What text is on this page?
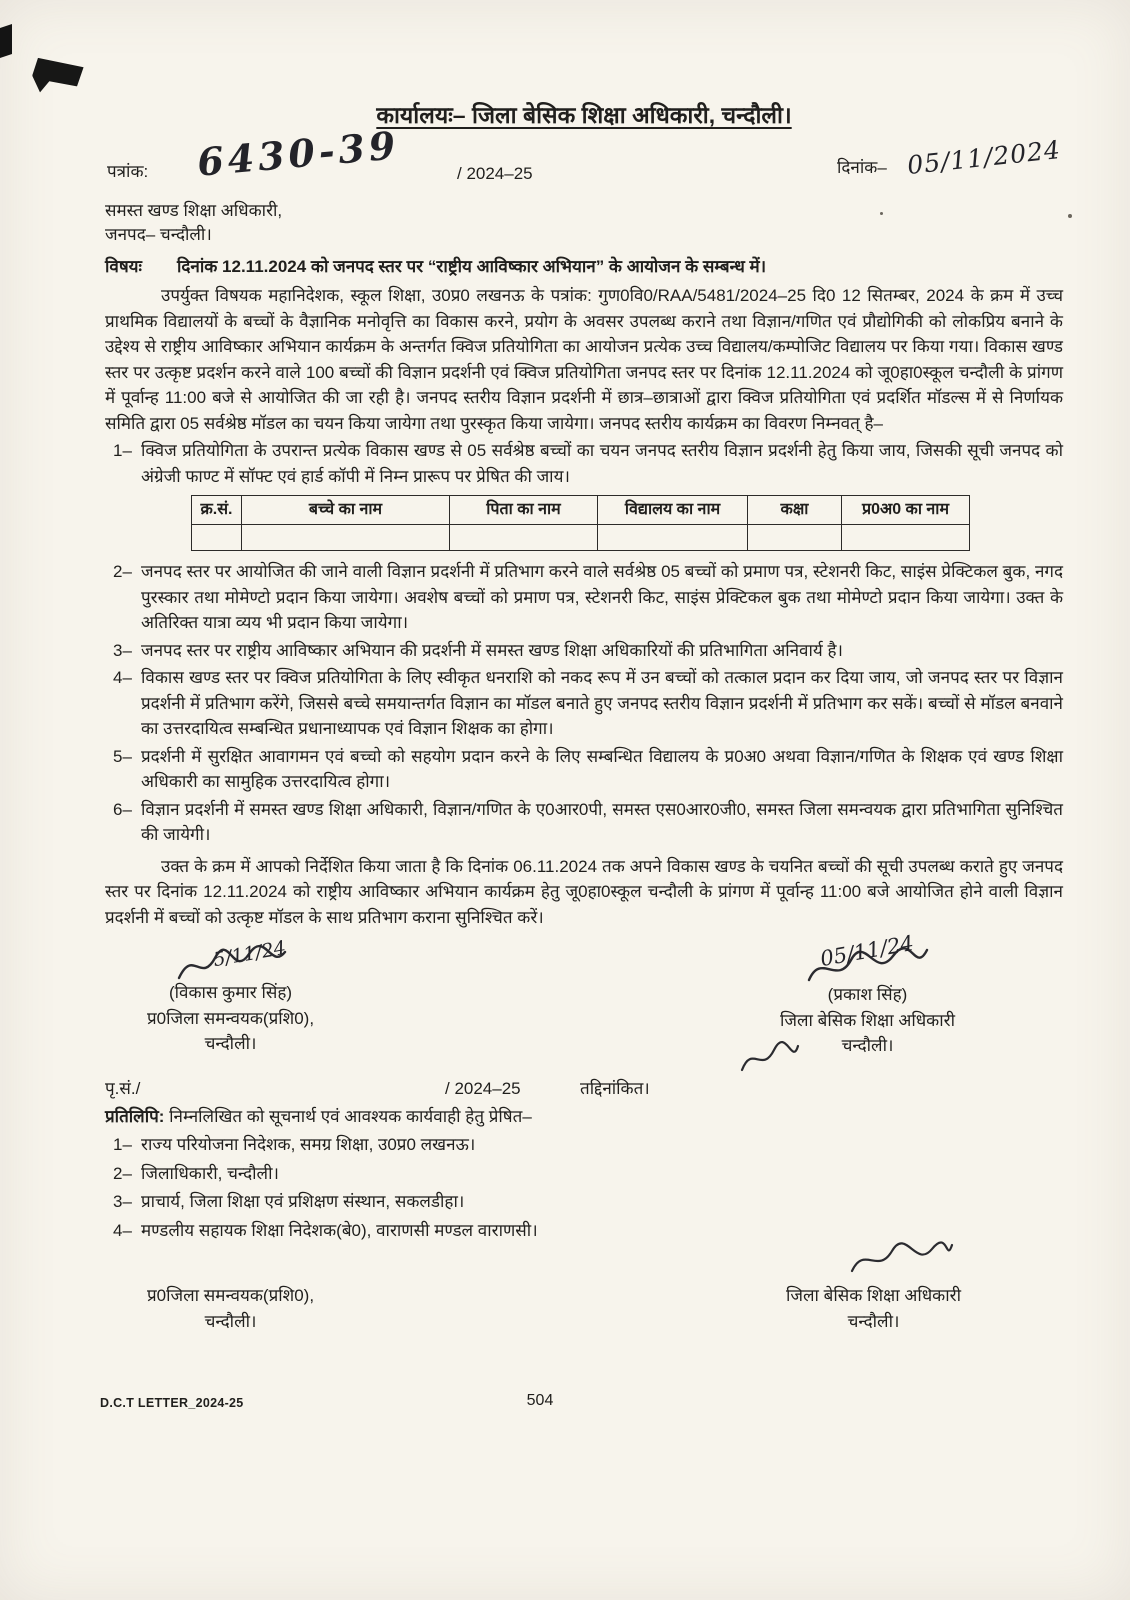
कार्यालयः– जिला बेसिक शिक्षा अधिकारी, चन्दौली।
पत्रांक: 6430-39	/ 2024–25	दिनांक– 05/11/2024
समस्त खण्ड शिक्षा अधिकारी,
जनपद– चन्दौली।
विषयः	दिनांक 12.11.2024 को जनपद स्तर पर “राष्ट्रीय आविष्कार अभियान” के आयोजन के सम्बन्ध में।
उपर्युक्त विषयक महानिदेशक, स्कूल शिक्षा, उ0प्र0 लखनऊ के पत्रांक: गुण0वि0/RAA/5481/2024–25 दि0 12 सितम्बर, 2024 के क्रम में उच्च प्राथमिक विद्यालयों के बच्चों के वैज्ञानिक मनोवृत्ति का विकास करने, प्रयोग के अवसर उपलब्ध कराने तथा विज्ञान/गणित एवं प्रौद्योगिकी को लोकप्रिय बनाने के उद्देश्य से राष्ट्रीय आविष्कार अभियान कार्यक्रम के अन्तर्गत क्विज प्रतियोगिता का आयोजन प्रत्येक उच्च विद्यालय/कम्पोजिट विद्यालय पर किया गया। विकास खण्ड स्तर पर उत्कृष्ट प्रदर्शन करने वाले 100 बच्चों की विज्ञान प्रदर्शनी एवं क्विज प्रतियोगिता जनपद स्तर पर दिनांक 12.11.2024 को जू0हा0स्कूल चन्दौली के प्रांगण में पूर्वान्ह 11:00 बजे से आयोजित की जा रही है। जनपद स्तरीय विज्ञान प्रदर्शनी में छात्र–छात्राओं द्वारा क्विज प्रतियोगिता एवं प्रदर्शित मॉडल्स में से निर्णायक समिति द्वारा 05 सर्वश्रेष्ठ मॉडल का चयन किया जायेगा तथा पुरस्कृत किया जायेगा। जनपद स्तरीय कार्यक्रम का विवरण निम्नवत् है–
1– क्विज प्रतियोगिता के उपरान्त प्रत्येक विकास खण्ड से 05 सर्वश्रेष्ठ बच्चों का चयन जनपद स्तरीय विज्ञान प्रदर्शनी हेतु किया जाय, जिसकी सूची जनपद को अंग्रेजी फाण्ट में सॉफ्ट एवं हार्ड कॉपी में निम्न प्रारूप पर प्रेषित की जाय।
क्र.सं.	बच्चे का नाम	पिता का नाम	विद्यालय का नाम	कक्षा	प्र0अ0 का नाम

2– जनपद स्तर पर आयोजित की जाने वाली विज्ञान प्रदर्शनी में प्रतिभाग करने वाले सर्वश्रेष्ठ 05 बच्चों को प्रमाण पत्र, स्टेशनरी किट, साइंस प्रेक्टिकल बुक, नगद पुरस्कार तथा मोमेण्टो प्रदान किया जायेगा। अवशेष बच्चों को प्रमाण पत्र, स्टेशनरी किट, साइंस प्रेक्टिकल बुक तथा मोमेण्टो प्रदान किया जायेगा। उक्त के अतिरिक्त यात्रा व्यय भी प्रदान किया जायेगा।
3– जनपद स्तर पर राष्ट्रीय आविष्कार अभियान की प्रदर्शनी में समस्त खण्ड शिक्षा अधिकारियों की प्रतिभागिता अनिवार्य है।
4– विकास खण्ड स्तर पर क्विज प्रतियोगिता के लिए स्वीकृत धनराशि को नकद रूप में उन बच्चों को तत्काल प्रदान कर दिया जाय, जो जनपद स्तर पर विज्ञान प्रदर्शनी में प्रतिभाग करेंगे, जिससे बच्चे समयान्तर्गत विज्ञान का मॉडल बनाते हुए जनपद स्तरीय विज्ञान प्रदर्शनी में प्रतिभाग कर सकें। बच्चों से मॉडल बनवाने का उत्तरदायित्व सम्बन्धित प्रधानाध्यापक एवं विज्ञान शिक्षक का होगा।
5– प्रदर्शनी में सुरक्षित आवागमन एवं बच्चो को सहयोग प्रदान करने के लिए सम्बन्धित विद्यालय के प्र0अ0 अथवा विज्ञान/गणित के शिक्षक एवं खण्ड शिक्षा अधिकारी का सामुहिक उत्तरदायित्व होगा।
6– विज्ञान प्रदर्शनी में समस्त खण्ड शिक्षा अधिकारी, विज्ञान/गणित के ए0आर0पी, समस्त एस0आर0जी0, समस्त जिला समन्वयक द्वारा प्रतिभागिता सुनिश्चित की जायेगी।
उक्त के क्रम में आपको निर्देशित किया जाता है कि दिनांक 06.11.2024 तक अपने विकास खण्ड के चयनित बच्चों की सूची उपलब्ध कराते हुए जनपद स्तर पर दिनांक 12.11.2024 को राष्ट्रीय आविष्कार अभियान कार्यक्रम हेतु जू0हा0स्कूल चन्दौली के प्रांगण में पूर्वान्ह 11:00 बजे आयोजित होने वाली विज्ञान प्रदर्शनी में बच्चों को उत्कृष्ट मॉडल के साथ प्रतिभाग कराना सुनिश्चित करें।
5/11/24
(विकास कुमार सिंह)
प्र0जिला समन्वयक(प्रशि0),
चन्दौली।
05/11/24
(प्रकाश सिंह)
जिला बेसिक शिक्षा अधिकारी
चन्दौली।
पृ.सं./	/ 2024–25	तद्दिनांकित।
प्रतिलिपि: निम्नलिखित को सूचनार्थ एवं आवश्यक कार्यवाही हेतु प्रेषित–
1– राज्य परियोजना निदेशक, समग्र शिक्षा, उ0प्र0 लखनऊ।
2– जिलाधिकारी, चन्दौली।
3– प्राचार्य, जिला शिक्षा एवं प्रशिक्षण संस्थान, सकलडीहा।
4– मण्डलीय सहायक शिक्षा निदेशक(बे0), वाराणसी मण्डल वाराणसी।
प्र0जिला समन्वयक(प्रशि0),
चन्दौली।
जिला बेसिक शिक्षा अधिकारी
चन्दौली।
504
D.C.T LETTER_2024-25
